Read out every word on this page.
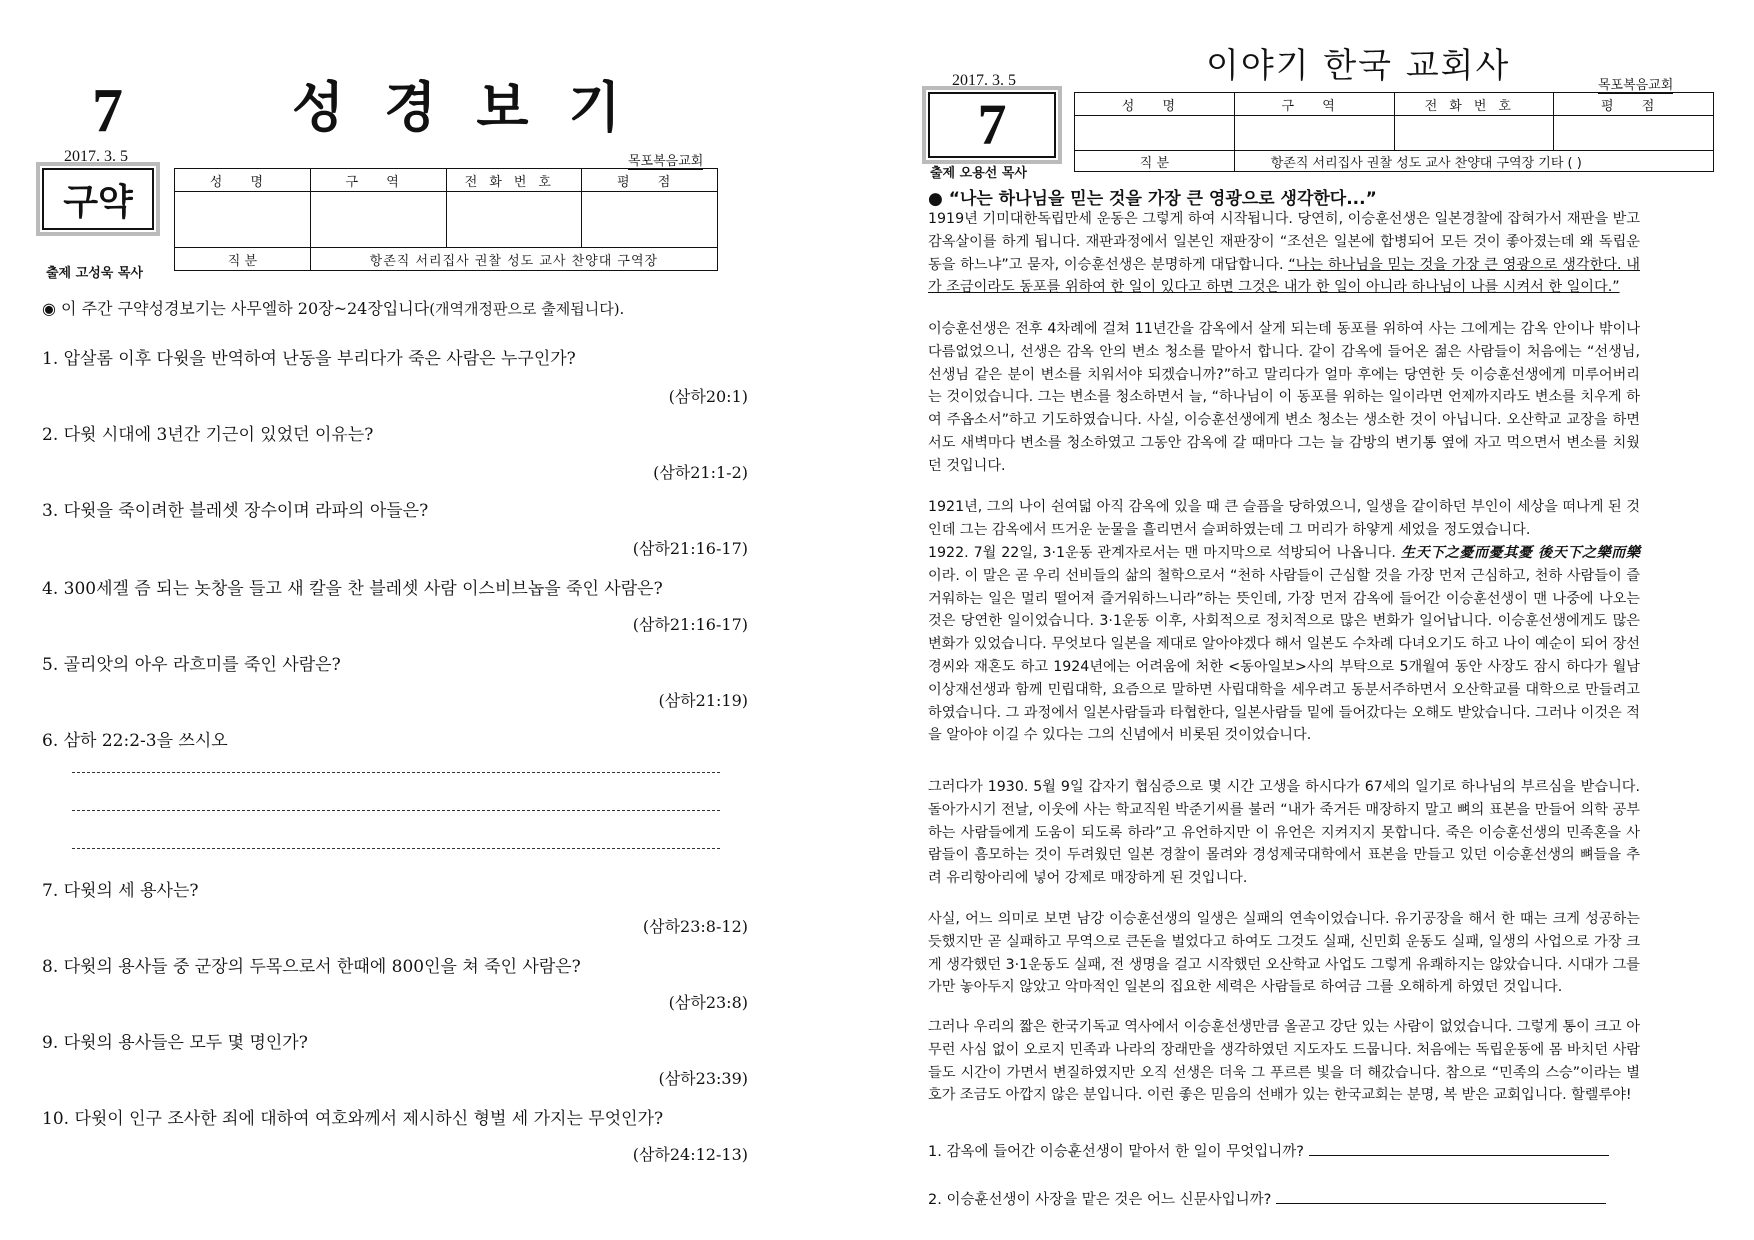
7	성경보기
2017. 3. 5	목포복음교회
구약
출제 고성욱 목사
성 명	구 역	전화번호	평 점

직 분	항존직 서리집사 권찰 성도 교사 찬양대 구역장		
◉ 이 주간 구약성경보기는 사무엘하 20장~24장입니다(개역개정판으로 출제됩니다).
1. 압살롬 이후 다윗을 반역하여 난동을 부리다가 죽은 사람은 누구인가?
(삼하20:1)
2. 다윗 시대에 3년간 기근이 있었던 이유는?
(삼하21:1-2)
3. 다윗을 죽이려한 블레셋 장수이며 라파의 아들은?
(삼하21:16-17)
4. 300세겔 즘 되는 놋창을 들고 새 칼을 찬 블레셋 사람 이스비브놉을 죽인 사람은?
(삼하21:16-17)
5. 골리앗의 아우 라흐미를 죽인 사람은?
(삼하21:19)
6. 삼하 22:2-3을 쓰시오
7. 다윗의 세 용사는?
(삼하23:8-12)
8. 다윗의 용사들 중 군장의 두목으로서 한때에 800인을 쳐 죽인 사람은?
(삼하23:8)
9. 다윗의 용사들은 모두 몇 명인가?
(삼하23:39)
10. 다윗이 인구 조사한 죄에 대하여 여호와께서 제시하신 형벌 세 가지는 무엇인가?
(삼하24:12-13)
이야기 한국 교회사
2017. 3. 5	목포복음교회
7
출제 오용선 목사
성 명	구 역	전화번호	평 점

직 분	항존직 서리집사 권찰 성도 교사 찬양대 구역장 기타 ( )		
● “나는 하나님을 믿는 것을 가장 큰 영광으로 생각한다...”
1919년 기미대한독립만세 운동은 그렇게 하여 시작됩니다. 당연히, 이승훈선생은 일본경찰에 잡혀가서 재판을 받고 감옥살이를 하게 됩니다. 재판과정에서 일본인 재판장이 “조선은 일본에 합병되어 모든 것이 좋아졌는데 왜 독립운동을 하느냐”고 묻자, 이승훈선생은 분명하게 대답합니다. “나는 하나님을 믿는 것을 가장 큰 영광으로 생각한다. 내가 조금이라도 동포를 위하여 한 일이 있다고 하면 그것은 내가 한 일이 아니라 하나님이 나를 시켜서 한 일이다.”
이승훈선생은 전후 4차례에 걸쳐 11년간을 감옥에서 살게 되는데 동포를 위하여 사는 그에게는 감옥 안이나 밖이나 다름없었으니, 선생은 감옥 안의 변소 청소를 맡아서 합니다. 같이 감옥에 들어온 젊은 사람들이 처음에는 “선생님, 선생님 같은 분이 변소를 치워서야 되겠습니까?”하고 말리다가 얼마 후에는 당연한 듯 이승훈선생에게 미루어버리는 것이었습니다. 그는 변소를 청소하면서 늘, “하나님이 이 동포를 위하는 일이라면 언제까지라도 변소를 치우게 하여 주옵소서”하고 기도하였습니다. 사실, 이승훈선생에게 변소 청소는 생소한 것이 아닙니다. 오산학교 교장을 하면서도 새벽마다 변소를 청소하였고 그동안 감옥에 갈 때마다 그는 늘 감방의 변기통 옆에 자고 먹으면서 변소를 치웠던 것입니다.
1921년, 그의 나이 쉰여덟 아직 감옥에 있을 때 큰 슬픔을 당하였으니, 일생을 같이하던 부인이 세상을 떠나게 된 것인데 그는 감옥에서 뜨거운 눈물을 흘리면서 슬퍼하였는데 그 머리가 하얗게 세었을 정도였습니다.
1922. 7월 22일, 3·1운동 관계자로서는 맨 마지막으로 석방되어 나옵니다. 生天下之憂而憂其憂 後天下之樂而樂 이라. 이 말은 곧 우리 선비들의 삶의 철학으로서 “천하 사람들이 근심할 것을 가장 먼저 근심하고, 천하 사람들이 즐거워하는 일은 멀리 떨어져 즐거워하느니라”하는 뜻인데, 가장 먼저 감옥에 들어간 이승훈선생이 맨 나중에 나오는 것은 당연한 일이었습니다. 3·1운동 이후, 사회적으로 정치적으로 많은 변화가 일어납니다. 이승훈선생에게도 많은 변화가 있었습니다. 무엇보다 일본을 제대로 알아야겠다 해서 일본도 수차례 다녀오기도 하고 나이 예순이 되어 장선경씨와 재혼도 하고 1924년에는 어려움에 처한 <동아일보>사의 부탁으로 5개월여 동안 사장도 잠시 하다가 월남 이상재선생과 함께 민립대학, 요즘으로 말하면 사립대학을 세우려고 동분서주하면서 오산학교를 대학으로 만들려고 하였습니다. 그 과정에서 일본사람들과 타협한다, 일본사람들 밑에 들어갔다는 오해도 받았습니다. 그러나 이것은 적을 알아야 이길 수 있다는 그의 신념에서 비롯된 것이었습니다.
그러다가 1930. 5월 9일 갑자기 협심증으로 몇 시간 고생을 하시다가 67세의 일기로 하나님의 부르심을 받습니다. 돌아가시기 전날, 이웃에 사는 학교직원 박준기씨를 불러 “내가 죽거든 매장하지 말고 뼈의 표본을 만들어 의학 공부하는 사람들에게 도움이 되도록 하라”고 유언하지만 이 유언은 지켜지지 못합니다. 죽은 이승훈선생의 민족혼을 사람들이 흠모하는 것이 두려웠던 일본 경찰이 몰려와 경성제국대학에서 표본을 만들고 있던 이승훈선생의 뼈들을 추려 유리항아리에 넣어 강제로 매장하게 된 것입니다.
사실, 어느 의미로 보면 남강 이승훈선생의 일생은 실패의 연속이었습니다. 유기공장을 해서 한 때는 크게 성공하는 듯했지만 곧 실패하고 무역으로 큰돈을 벌었다고 하여도 그것도 실패, 신민회 운동도 실패, 일생의 사업으로 가장 크게 생각했던 3·1운동도 실패, 전 생명을 걸고 시작했던 오산학교 사업도 그렇게 유쾌하지는 않았습니다. 시대가 그를 가만 놓아두지 않았고 악마적인 일본의 집요한 세력은 사람들로 하여금 그를 오해하게 하였던 것입니다.
그러나 우리의 짧은 한국기독교 역사에서 이승훈선생만큼 올곧고 강단 있는 사람이 없었습니다. 그렇게 통이 크고 아무런 사심 없이 오로지 민족과 나라의 장래만을 생각하였던 지도자도 드뭅니다. 처음에는 독립운동에 몸 바치던 사람들도 시간이 가면서 변질하였지만 오직 선생은 더욱 그 푸르른 빛을 더 해갔습니다. 참으로 “민족의 스승”이라는 별호가 조금도 아깝지 않은 분입니다. 이런 좋은 믿음의 선배가 있는 한국교회는 분명, 복 받은 교회입니다. 할렐루야!
1. 감옥에 들어간 이승훈선생이 맡아서 한 일이 무엇입니까?
2. 이승훈선생이 사장을 맡은 것은 어느 신문사입니까?
